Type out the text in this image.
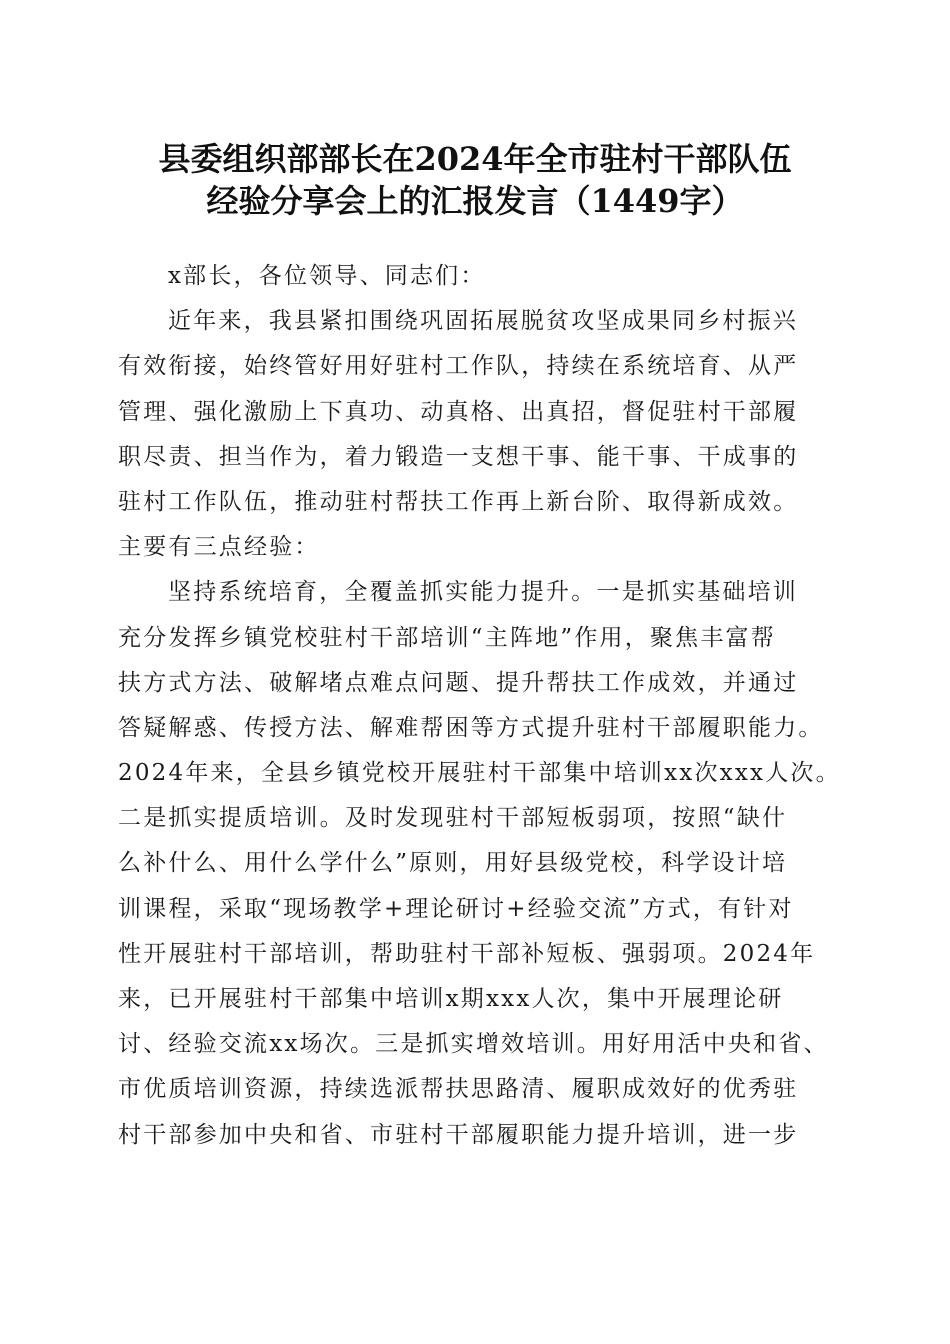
县委组织部部长在2024年全市驻村干部队伍
经验分享会上的汇报发言（1449字）
x部长，各位领导、同志们：
近年来，我县紧扣围绕巩固拓展脱贫攻坚成果同乡村振兴
有效衔接，始终管好用好驻村工作队，持续在系统培育、从严
管理、强化激励上下真功、动真格、出真招，督促驻村干部履
职尽责、担当作为，着力锻造一支想干事、能干事、干成事的
驻村工作队伍，推动驻村帮扶工作再上新台阶、取得新成效。
主要有三点经验：
坚持系统培育，全覆盖抓实能力提升。一是抓实基础培训
充分发挥乡镇党校驻村干部培训“主阵地”作用，聚焦丰富帮
扶方式方法、破解堵点难点问题、提升帮扶工作成效，并通过
答疑解惑、传授方法、解难帮困等方式提升驻村干部履职能力。
2024年来，全县乡镇党校开展驻村干部集中培训xx次xxx人次。
二是抓实提质培训。及时发现驻村干部短板弱项，按照“缺什
么补什么、用什么学什么”原则，用好县级党校，科学设计培
训课程，采取“现场教学+理论研讨+经验交流”方式，有针对
性开展驻村干部培训，帮助驻村干部补短板、强弱项。2024年
来，已开展驻村干部集中培训x期xxx人次，集中开展理论研
讨、经验交流xx场次。三是抓实增效培训。用好用活中央和省、
市优质培训资源，持续选派帮扶思路清、履职成效好的优秀驻
村干部参加中央和省、市驻村干部履职能力提升培训，进一步
